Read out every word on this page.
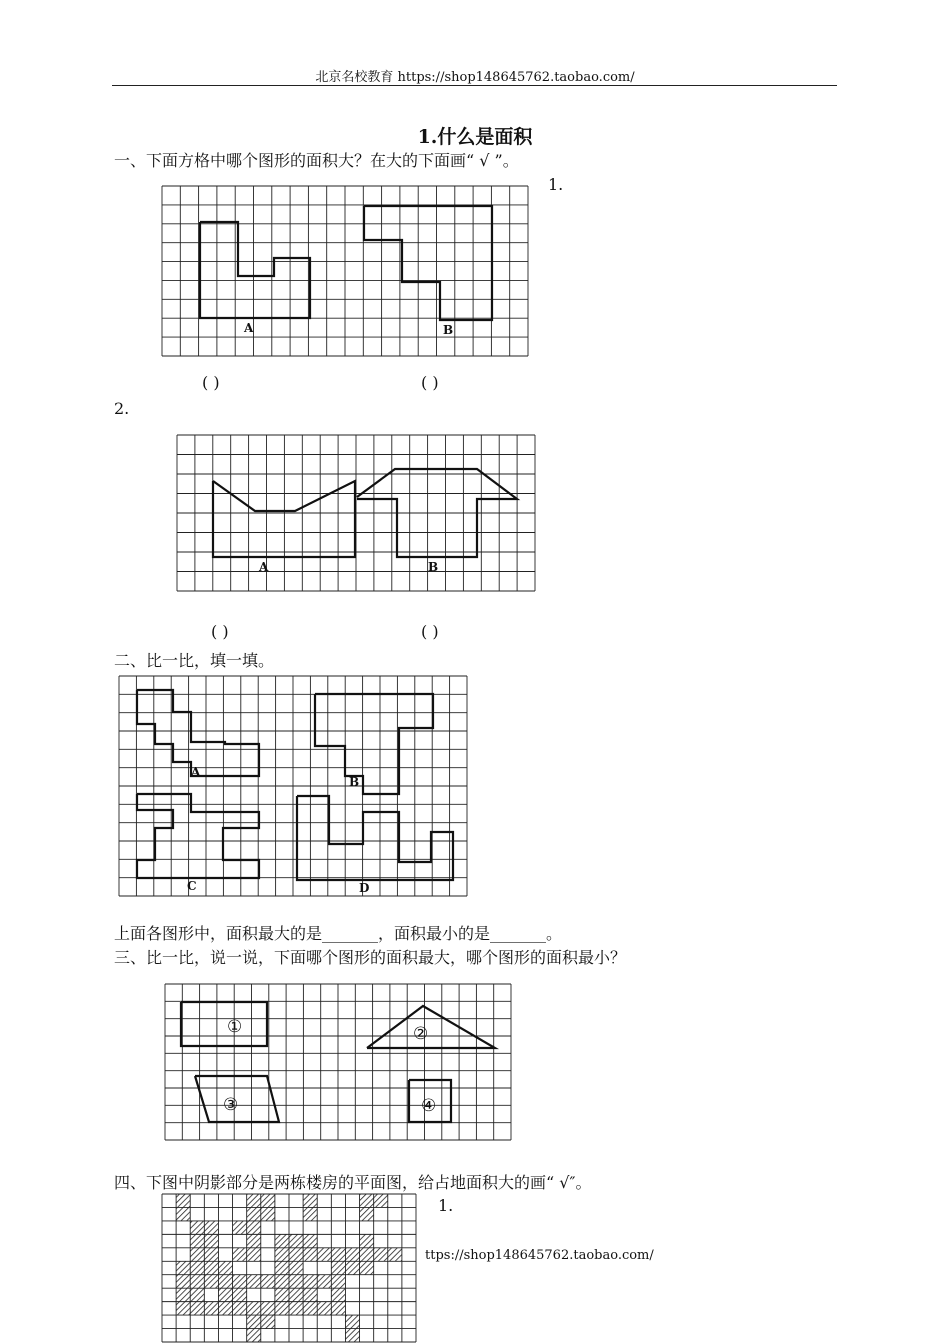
北京名校教育 https://shop148645762.taobao.com/
1.什么是面积
一、下面方格中哪个图形的面积大？在大的下面画“ √ ”。
1.
A	B
( )	( )
2.
A	B
( )	( )
二、比一比，填一填。
A
B
C	D
上面各图形中，面积最大的是_______，面积最小的是_______。
三、比一比，说一说，下面哪个图形的面积最大，哪个图形的面积最小？
①	②
③	④
四、下图中阴影部分是两栋楼房的平面图，给占地面积大的画“ √″。
1.
ttps://shop148645762.taobao.com/
